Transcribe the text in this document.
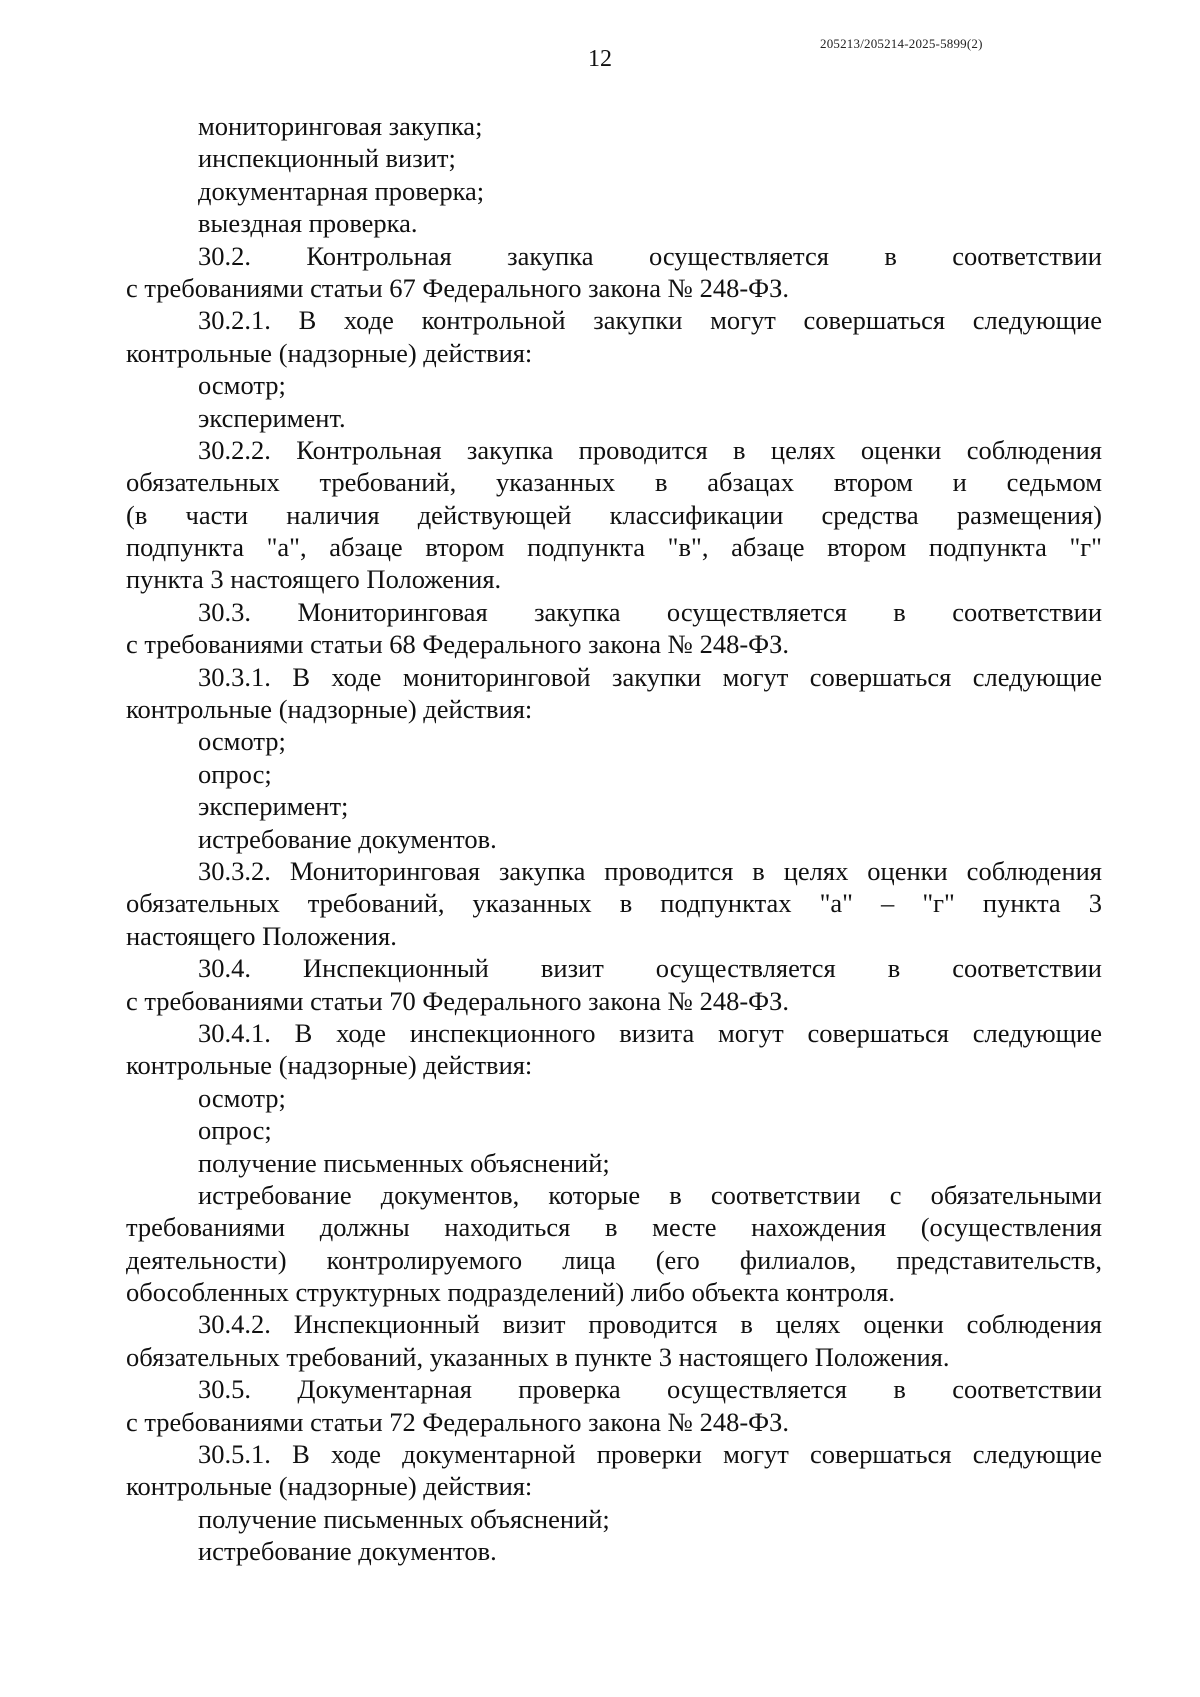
205213/205214-2025-5899(2)
12
мониторинговая закупка;
инспекционный визит;
документарная проверка;
выездная проверка.
30.2. Контрольная закупка осуществляется в соответствии
с требованиями статьи 67 Федерального закона № 248-ФЗ.
30.2.1. В ходе контрольной закупки могут совершаться следующие
контрольные (надзорные) действия:
осмотр;
эксперимент.
30.2.2. Контрольная закупка проводится в целях оценки соблюдения
обязательных требований, указанных в абзацах втором и седьмом
(в части наличия действующей классификации средства размещения)
подпункта "а", абзаце втором подпункта "в", абзаце втором подпункта "г"
пункта 3 настоящего Положения.
30.3. Мониторинговая закупка осуществляется в соответствии
с требованиями статьи 68 Федерального закона № 248-ФЗ.
30.3.1. В ходе мониторинговой закупки могут совершаться следующие
контрольные (надзорные) действия:
осмотр;
опрос;
эксперимент;
истребование документов.
30.3.2. Мониторинговая закупка проводится в целях оценки соблюдения
обязательных требований, указанных в подпунктах "а" – "г" пункта 3
настоящего Положения.
30.4. Инспекционный визит осуществляется в соответствии
с требованиями статьи 70 Федерального закона № 248-ФЗ.
30.4.1. В ходе инспекционного визита могут совершаться следующие
контрольные (надзорные) действия:
осмотр;
опрос;
получение письменных объяснений;
истребование документов, которые в соответствии с обязательными
требованиями должны находиться в месте нахождения (осуществления
деятельности) контролируемого лица (его филиалов, представительств,
обособленных структурных подразделений) либо объекта контроля.
30.4.2. Инспекционный визит проводится в целях оценки соблюдения
обязательных требований, указанных в пункте 3 настоящего Положения.
30.5. Документарная проверка осуществляется в соответствии
с требованиями статьи 72 Федерального закона № 248-ФЗ.
30.5.1. В ходе документарной проверки могут совершаться следующие
контрольные (надзорные) действия:
получение письменных объяснений;
истребование документов.
